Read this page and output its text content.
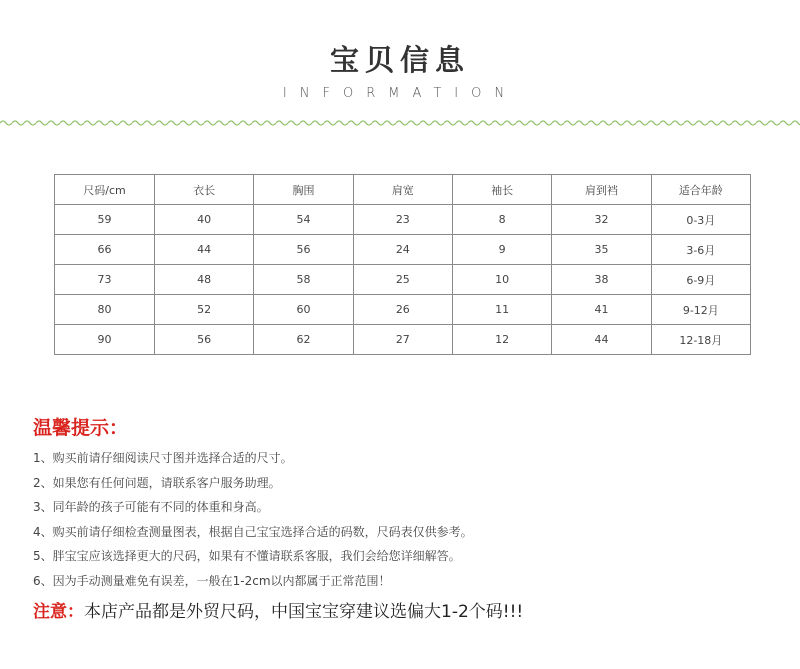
宝贝信息
INFORMATION
尺码/cm	衣长	胸围	肩宽	袖长	肩到裆	适合年龄
59	40	54	23	8	32	0-3月
66	44	56	24	9	35	3-6月
73	48	58	25	10	38	6-9月
80	52	60	26	11	41	9-12月
90	56	62	27	12	44	12-18月
温馨提示：
1、购买前请仔细阅读尺寸图并选择合适的尺寸。
2、如果您有任何问题，请联系客户服务助理。
3、同年龄的孩子可能有不同的体重和身高。
4、购买前请仔细检查测量图表，根据自己宝宝选择合适的码数，尺码表仅供参考。
5、胖宝宝应该选择更大的尺码，如果有不懂请联系客服，我们会给您详细解答。
6、因为手动测量难免有误差，一般在1-2cm以内都属于正常范围！
注意：本店产品都是外贸尺码，中国宝宝穿建议选偏大1-2个码!!!
